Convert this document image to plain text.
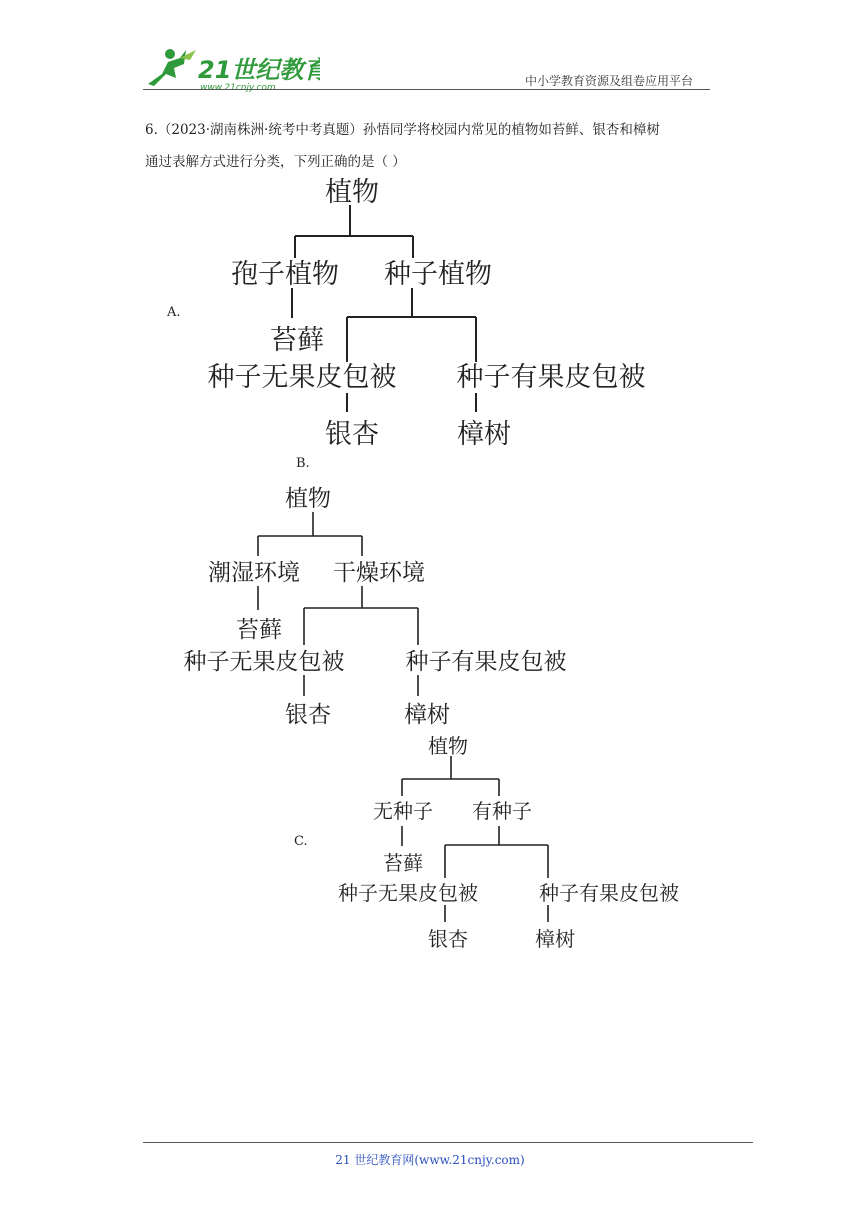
21世纪教育
www.21cnjy.com	中小学教育资源及组卷应用平台
6.（2023·湖南株洲·统考中考真题）孙悟同学将校园内常见的植物如苔鲜、银杏和樟树
通过表解方式进行分类，下列正确的是（ ）
A.
植物
孢子植物 种子植物
苔藓
种子无果皮包被 种子有果皮包被
银杏	樟树
B.
植物
潮湿环境 干燥环境
苔藓
种子无果皮包被	种子有果皮包被
银杏	樟树
C.
植物
无种子 有种子
苔藓
种子无果皮包被	种子有果皮包被
银杏	樟树
21 世纪教育网(www.21cnjy.com)
